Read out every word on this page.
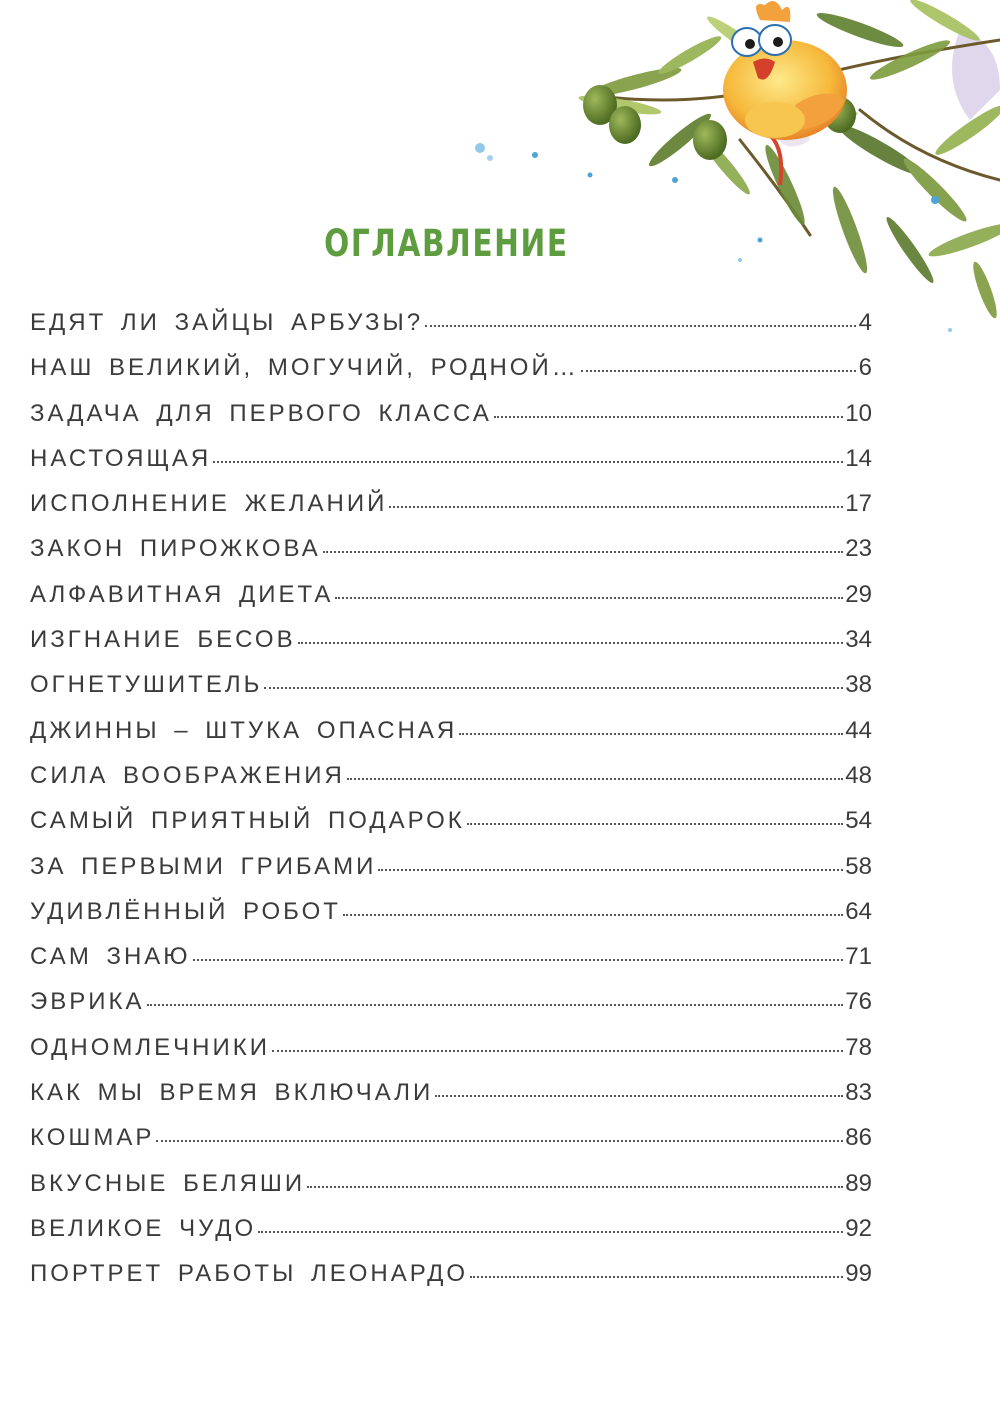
ОГЛАВЛЕНИЕ
ЕДЯТ ЛИ ЗАЙЦЫ АРБУЗЫ?	4
НАШ ВЕЛИКИЙ, МОГУЧИЙ, РОДНОЙ…	6
ЗАДАЧА ДЛЯ ПЕРВОГО КЛАССА	10
НАСТОЯЩАЯ	14
ИСПОЛНЕНИЕ ЖЕЛАНИЙ	17
ЗАКОН ПИРОЖКОВА	23
АЛФАВИТНАЯ ДИЕТА	29
ИЗГНАНИЕ БЕСОВ	34
ОГНЕТУШИТЕЛЬ	38
ДЖИННЫ – ШТУКА ОПАСНАЯ	44
СИЛА ВООБРАЖЕНИЯ	48
САМЫЙ ПРИЯТНЫЙ ПОДАРОК	54
ЗА ПЕРВЫМИ ГРИБАМИ	58
УДИВЛЁННЫЙ РОБОТ	64
САМ ЗНАЮ	71
ЭВРИКА	76
ОДНОМЛЕЧНИКИ	78
КАК МЫ ВРЕМЯ ВКЛЮЧАЛИ	83
КОШМАР	86
ВКУСНЫЕ БЕЛЯШИ	89
ВЕЛИКОЕ ЧУДО	92
ПОРТРЕТ РАБОТЫ ЛЕОНАРДО	99
